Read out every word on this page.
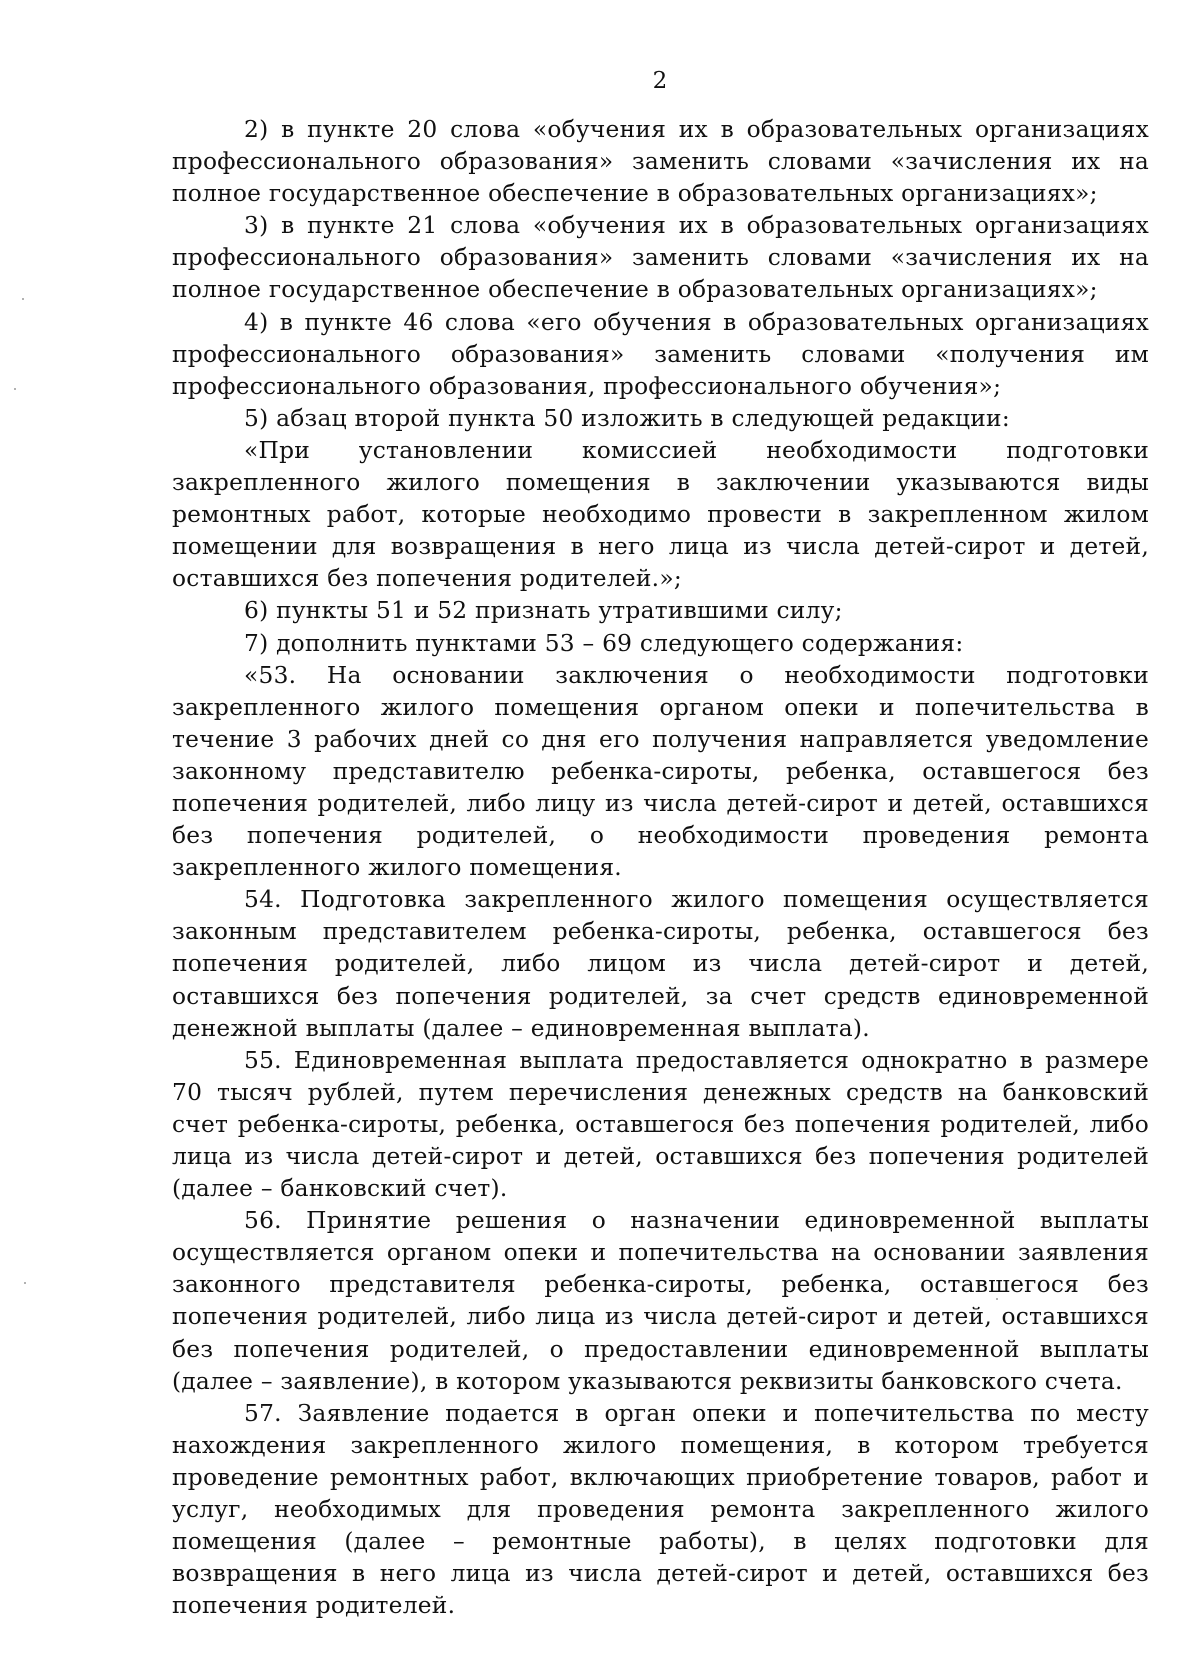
2

2) в пункте 20 слова «обучения их в образовательных организациях профессионального образования» заменить словами «зачисления их на полное государственное обеспечение в образовательных организациях»;

3) в пункте 21 слова «обучения их в образовательных организациях профессионального образования» заменить словами «зачисления их на полное государственное обеспечение в образовательных организациях»;

4) в пункте 46 слова «его обучения в образовательных организациях профессионального образования» заменить словами «получения им профессионального образования, профессионального обучения»;

5) абзац второй пункта 50 изложить в следующей редакции:

«При установлении комиссией необходимости подготовки закрепленного жилого помещения в заключении указываются виды ремонтных работ, которые необходимо провести в закрепленном жилом помещении для возвращения в него лица из числа детей-сирот и детей, оставшихся без попечения родителей.»;

6) пункты 51 и 52 признать утратившими силу;

7) дополнить пунктами 53 – 69 следующего содержания:

«53. На основании заключения о необходимости подготовки закрепленного жилого помещения органом опеки и попечительства в течение 3 рабочих дней со дня его получения направляется уведомление законному представителю ребенка-сироты, ребенка, оставшегося без попечения родителей, либо лицу из числа детей-сирот и детей, оставшихся без попечения родителей, о необходимости проведения ремонта закрепленного жилого помещения.

54. Подготовка закрепленного жилого помещения осуществляется законным представителем ребенка-сироты, ребенка, оставшегося без попечения родителей, либо лицом из числа детей-сирот и детей, оставшихся без попечения родителей, за счет средств единовременной денежной выплаты (далее – единовременная выплата).

55. Единовременная выплата предоставляется однократно в размере 70 тысяч рублей, путем перечисления денежных средств на банковский счет ребенка-сироты, ребенка, оставшегося без попечения родителей, либо лица из числа детей-сирот и детей, оставшихся без попечения родителей (далее – банковский счет).

56. Принятие решения о назначении единовременной выплаты осуществляется органом опеки и попечительства на основании заявления законного представителя ребенка-сироты, ребенка, оставшегося без попечения родителей, либо лица из числа детей-сирот и детей, оставшихся без попечения родителей, о предоставлении единовременной выплаты (далее – заявление), в котором указываются реквизиты банковского счета.

57. Заявление подается в орган опеки и попечительства по месту нахождения закрепленного жилого помещения, в котором требуется проведение ремонтных работ, включающих приобретение товаров, работ и услуг, необходимых для проведения ремонта закрепленного жилого помещения (далее – ремонтные работы), в целях подготовки для возвращения в него лица из числа детей-сирот и детей, оставшихся без попечения родителей.
